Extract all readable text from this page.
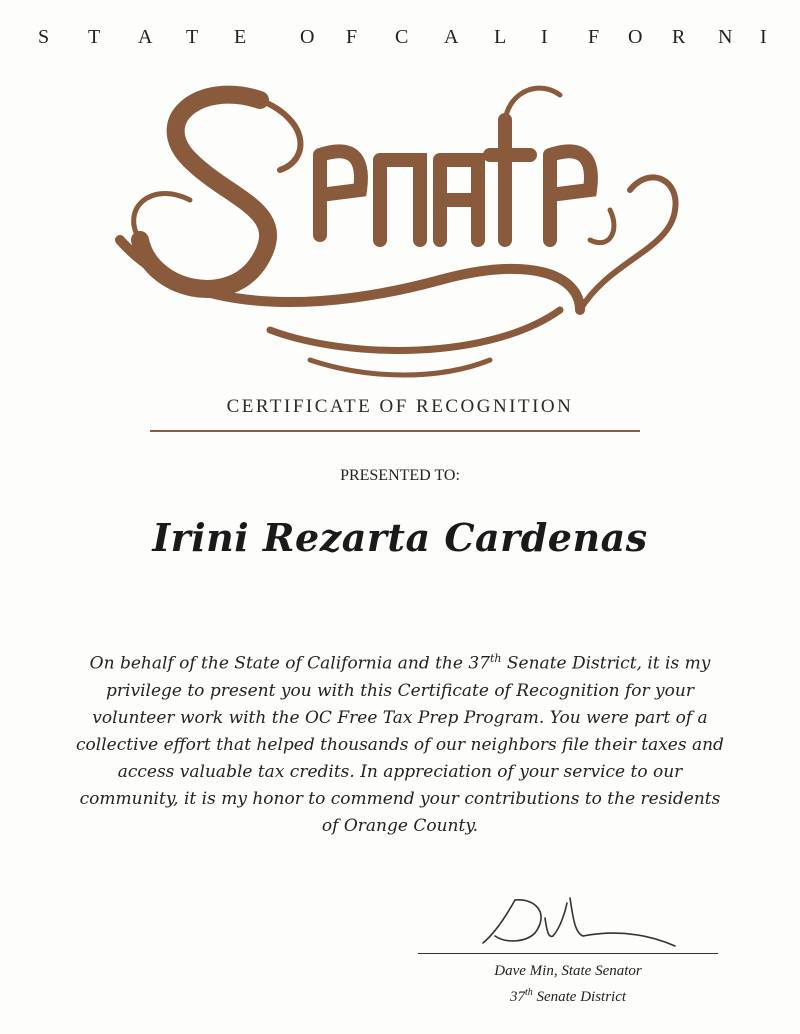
S T A T E	O F C A L I F O R N I
CERTIFICATE OF RECOGNITION
PRESENTED TO:
Irini Rezarta Cardenas
On behalf of the State of California and the 37th Senate District, it is my privilege to present you with this Certificate of Recognition for your volunteer work with the OC Free Tax Prep Program. You were part of a collective effort that helped thousands of our neighbors file their taxes and access valuable tax credits. In appreciation of your service to our community, it is my honor to commend your contributions to the residents of Orange County.
Dave Min, State Senator
37th Senate District
